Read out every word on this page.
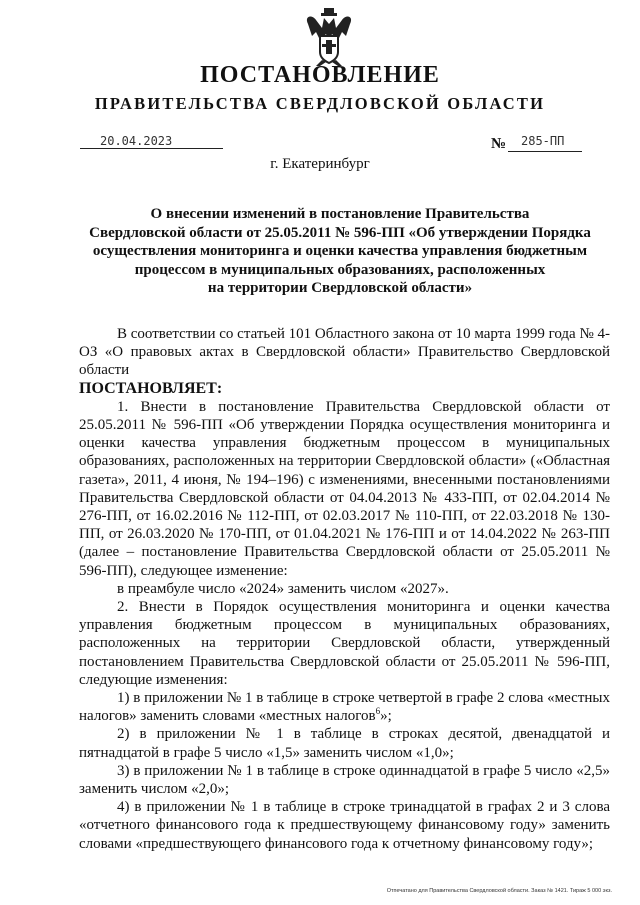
ПОСТАНОВЛЕНИЕ
ПРАВИТЕЛЬСТВА СВЕРДЛОВСКОЙ ОБЛАСТИ
20.04.2023	№ 285-ПП
г. Екатеринбург
О внесении изменений в постановление Правительства
Свердловской области от 25.05.2011 № 596-ПП «Об утверждении Порядка
осуществления мониторинга и оценки качества управления бюджетным
процессом в муниципальных образованиях, расположенных
на территории Свердловской области»

В соответствии со статьей 101 Областного закона от 10 марта 1999 года № 4-ОЗ «О правовых актах в Свердловской области» Правительство Свердловской области

ПОСТАНОВЛЯЕТ:

1. Внести в постановление Правительства Свердловской области от 25.05.2011 № 596-ПП «Об утверждении Порядка осуществления мониторинга и оценки качества управления бюджетным процессом в муниципальных образованиях, расположенных на территории Свердловской области» («Областная газета», 2011, 4 июня, № 194–196) с изменениями, внесенными постановлениями Правительства Свердловской области от 04.04.2013 № 433-ПП, от 02.04.2014 № 276-ПП, от 16.02.2016 № 112-ПП, от 02.03.2017 № 110-ПП, от 22.03.2018 № 130-ПП, от 26.03.2020 № 170-ПП, от 01.04.2021 № 176-ПП и от 14.04.2022 № 263-ПП (далее – постановление Правительства Свердловской области от 25.05.2011 № 596-ПП), следующее изменение:

в преамбуле число «2024» заменить числом «2027».

2. Внести в Порядок осуществления мониторинга и оценки качества управления бюджетным процессом в муниципальных образованиях, расположенных на территории Свердловской области, утвержденный постановлением Правительства Свердловской области от 25.05.2011 № 596-ПП, следующие изменения:

1) в приложении № 1 в таблице в строке четвертой в графе 2 слова «местных налогов» заменить словами «местных налогов$^6$»;

2) в приложении № 1 в таблице в строках десятой, двенадцатой и пятнадцатой в графе 5 число «1,5» заменить числом «1,0»;

3) в приложении № 1 в таблице в строке одиннадцатой в графе 5 число «2,5» заменить числом «2,0»;

4) в приложении № 1 в таблице в строке тринадцатой в графах 2 и 3 слова «отчетного финансового года к предшествующему финансовому году» заменить словами «предшествующего финансового года к отчетному финансовому году»;

Отпечатано для Правительства Свердловской области. Заказ № 1421. Тираж 5 000 экз.
